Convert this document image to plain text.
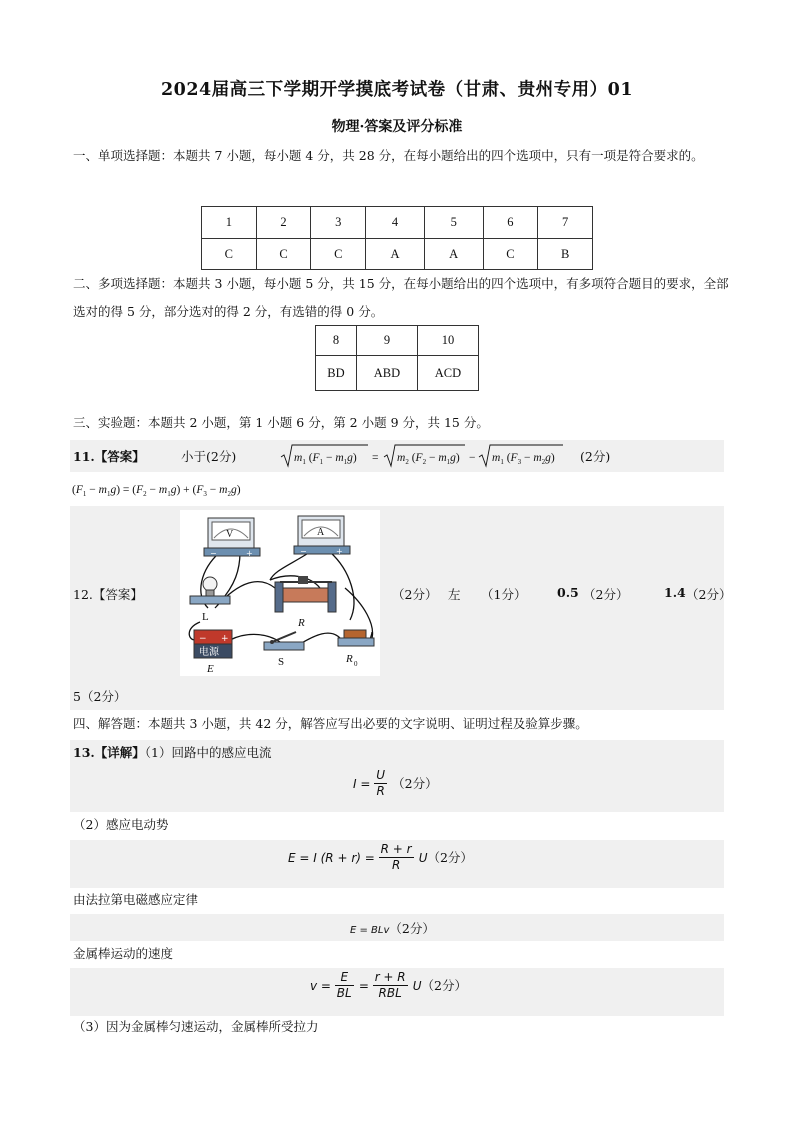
2024届高三下学期开学摸底考试卷（甘肃、贵州专用）01
物理·答案及评分标准
一、单项选择题：本题共 7 小题，每小题 4 分，共 28 分，在每小题给出的四个选项中，只有一项是符合要求的。
1	2	3	4	5	6	7
C	C	C	A	A	C	B
二、多项选择题：本题共 3 小题，每小题 5 分，共 15 分，在每小题给出的四个选项中，有多项符合题目的要求，全部选对的得 5 分，部分选对的得 2 分，有选错的得 0 分。
8	9	10
BD	ABD	ACD
三、实验题：本题共 2 小题，第 1 小题 6 分，第 2 小题 9 分，共 15 分。
11.【答案】	小于(2分)	$m_1$ $(F_1 - m_1g) = m_2$ $(F_2 - m_1g) - m_1$ $(F_3 - m_2g)$ (2分)
$(F_1 - m_1g) = (F_2 - m_1g) + (F_3 - m_2g)$
12.【答案】
V
−	+
A
−	+
L	R
− +
电源
E
S	R 0
（2分） 左 （1分） 0.5 （2分）	1.4 （2分）
5（2分）
四、解答题：本题共 3 小题，共 42 分，解答应写出必要的文字说明、证明过程及验算步骤。
13.【详解】（1）回路中的感应电流
$I = \frac{U}{R} (2$分）
（2）感应电动势
E = I $(R + r) = \frac{R + r}{R} U(2$分）
由法拉第电磁感应定律
E = BLv（2分）
金属棒运动的速度
$v = \frac{E}{BL} = \frac{r + R}{\text{RBL}} U(2$分）
（3）因为金属棒匀速运动，金属棒所受拉力
